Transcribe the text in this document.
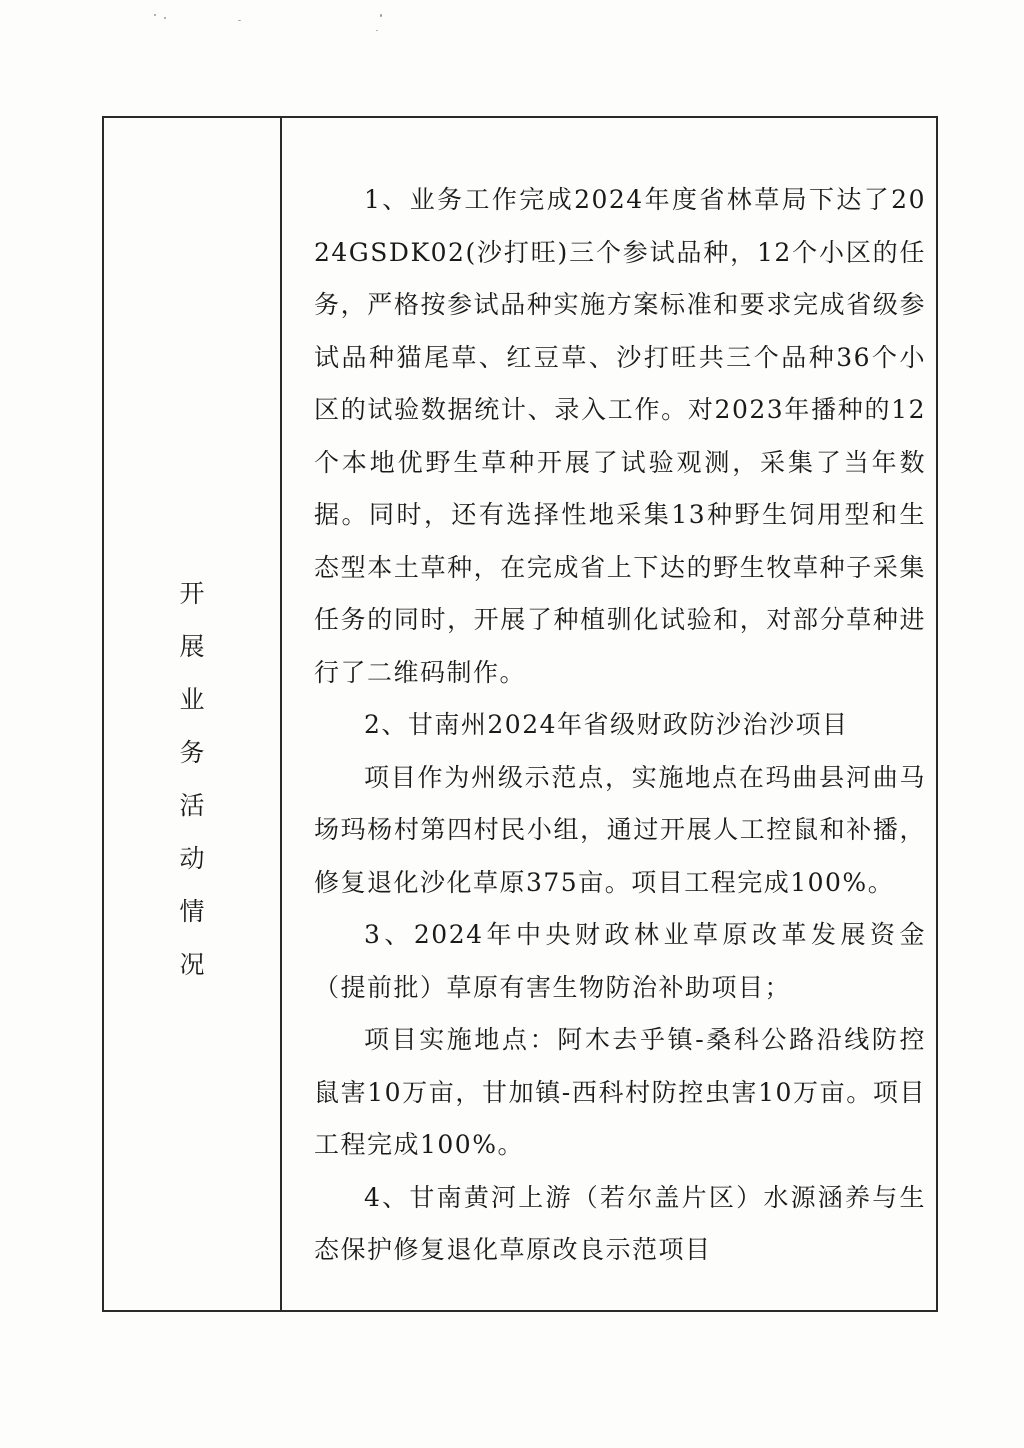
开
展
业
务
活
动
情
况

1、业务工作完成2024年度省林草局下达了2024GSDK02(沙打旺)三个参试品种，12个小区的任务，严格按参试品种实施方案标准和要求完成省级参试品种猫尾草、红豆草、沙打旺共三个品种36个小区的试验数据统计、录入工作。对2023年播种的12个本地优野生草种开展了试验观测，采集了当年数据。同时，还有选择性地采集13种野生饲用型和生态型本土草种，在完成省上下达的野生牧草种子采集任务的同时，开展了种植驯化试验和，对部分草种进行了二维码制作。

2、甘南州2024年省级财政防沙治沙项目

项目作为州级示范点，实施地点在玛曲县河曲马场玛杨村第四村民小组，通过开展人工控鼠和补播，修复退化沙化草原375亩。项目工程完成100%。

3、2024年中央财政林业草原改革发展资金（提前批）草原有害生物防治补助项目；

项目实施地点：阿木去乎镇-桑科公路沿线防控鼠害10万亩，甘加镇-西科村防控虫害10万亩。项目工程完成100%。

4、甘南黄河上游（若尔盖片区）水源涵养与生态保护修复退化草原改良示范项目
